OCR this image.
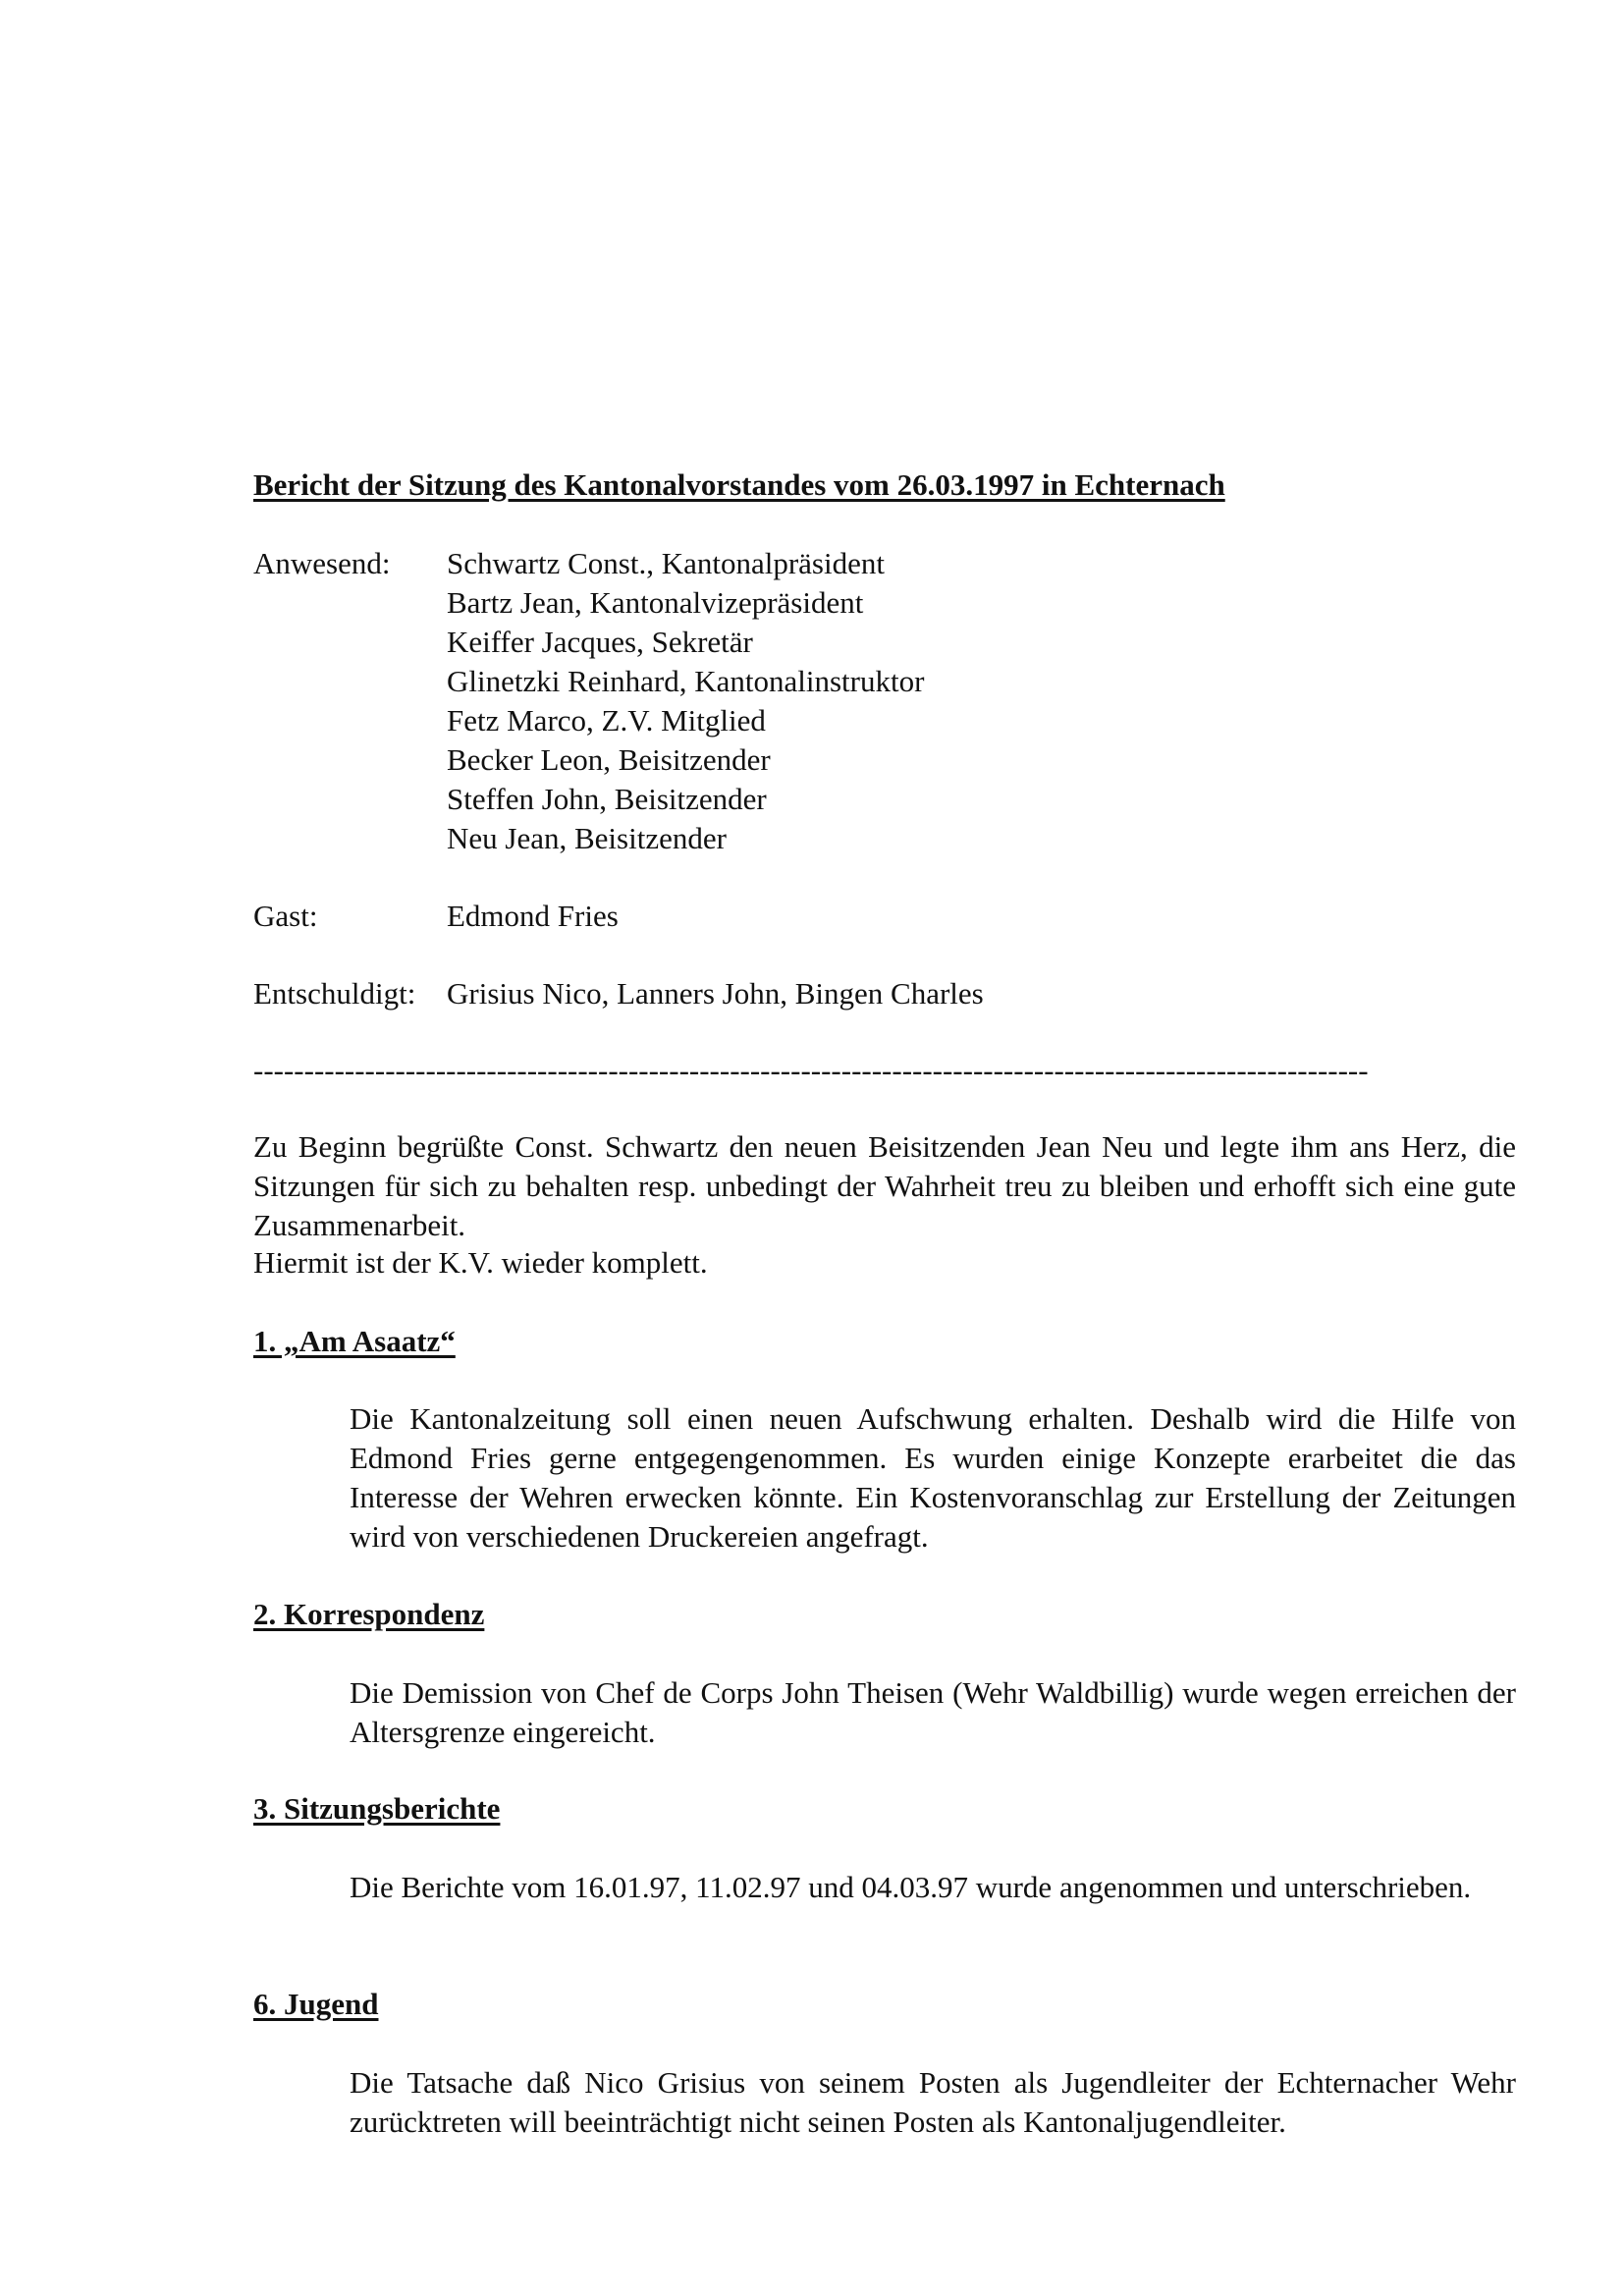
Bericht der Sitzung des Kantonalvorstandes vom 26.03.1997 in Echternach
Anwesend: Schwartz Const., Kantonalpräsident
Bartz Jean, Kantonalvizepräsident
Keiffer Jacques, Sekretär
Glinetzki Reinhard, Kantonalinstruktor
Fetz Marco, Z.V. Mitglied
Becker Leon, Beisitzender
Steffen John, Beisitzender
Neu Jean, Beisitzender
Gast:	Edmond Fries
Entschuldigt: Grisius Nico, Lanners John, Bingen Charles
--------------------------------------------------------------------------------------------------------------
Zu Beginn begrüßte Const. Schwartz den neuen Beisitzenden Jean Neu und legte ihm ans Herz, die Sitzungen für sich zu behalten resp. unbedingt der Wahrheit treu zu bleiben und erhofft sich eine gute Zusammenarbeit.
Hiermit ist der K.V. wieder komplett.
1. „Am Asaatz“
Die Kantonalzeitung soll einen neuen Aufschwung erhalten. Deshalb wird die Hilfe von Edmond Fries gerne entgegengenommen. Es wurden einige Konzepte erarbeitet die das Interesse der Wehren erwecken könnte. Ein Kostenvoranschlag zur Erstellung der Zeitungen wird von verschiedenen Druckereien angefragt.
2. Korrespondenz
Die Demission von Chef de Corps John Theisen (Wehr Waldbillig) wurde wegen erreichen der Altersgrenze eingereicht.
3. Sitzungsberichte
Die Berichte vom 16.01.97, 11.02.97 und 04.03.97 wurde angenommen und unterschrieben.
6. Jugend
Die Tatsache daß Nico Grisius von seinem Posten als Jugendleiter der Echternacher Wehr zurücktreten will beeinträchtigt nicht seinen Posten als Kantonaljugendleiter.
